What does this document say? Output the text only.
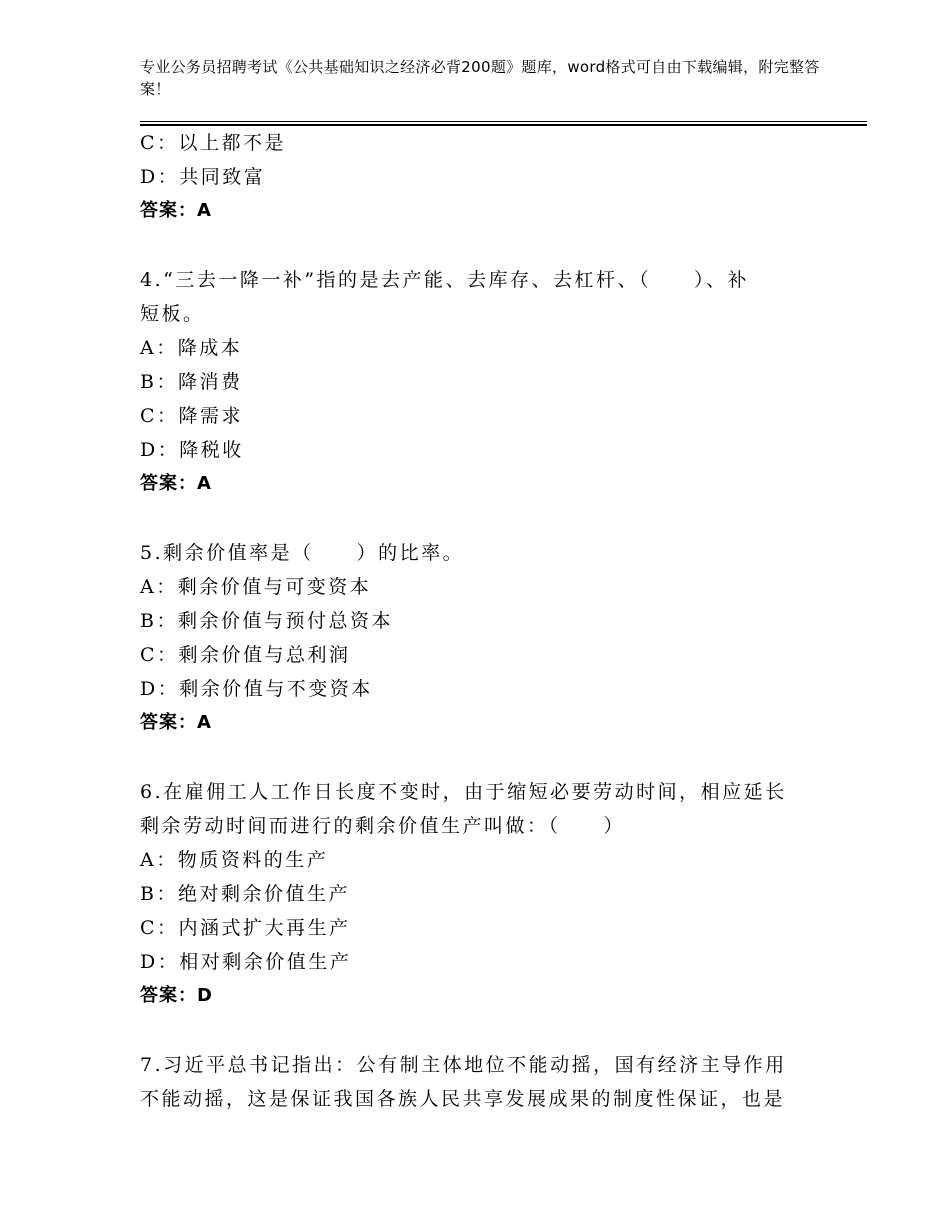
专业公务员招聘考试《公共基础知识之经济必背200题》题库，word格式可自由下载编辑，附完整答案！
C：以上都不是
D：共同致富
答案：A
4.“三去一降一补”指的是去产能、去库存、去杠杆、（　　）、补
短板。
A：降成本
B：降消费
C：降需求
D：降税收
答案：A
5.剩余价值率是（　　）的比率。
A：剩余价值与可变资本
B：剩余价值与预付总资本
C：剩余价值与总利润
D：剩余价值与不变资本
答案：A
6.在雇佣工人工作日长度不变时，由于缩短必要劳动时间，相应延长
剩余劳动时间而进行的剩余价值生产叫做：（　　）
A：物质资料的生产
B：绝对剩余价值生产
C：内涵式扩大再生产
D：相对剩余价值生产
答案：D
7.习近平总书记指出：公有制主体地位不能动摇，国有经济主导作用
不能动摇，这是保证我国各族人民共享发展成果的制度性保证，也是
